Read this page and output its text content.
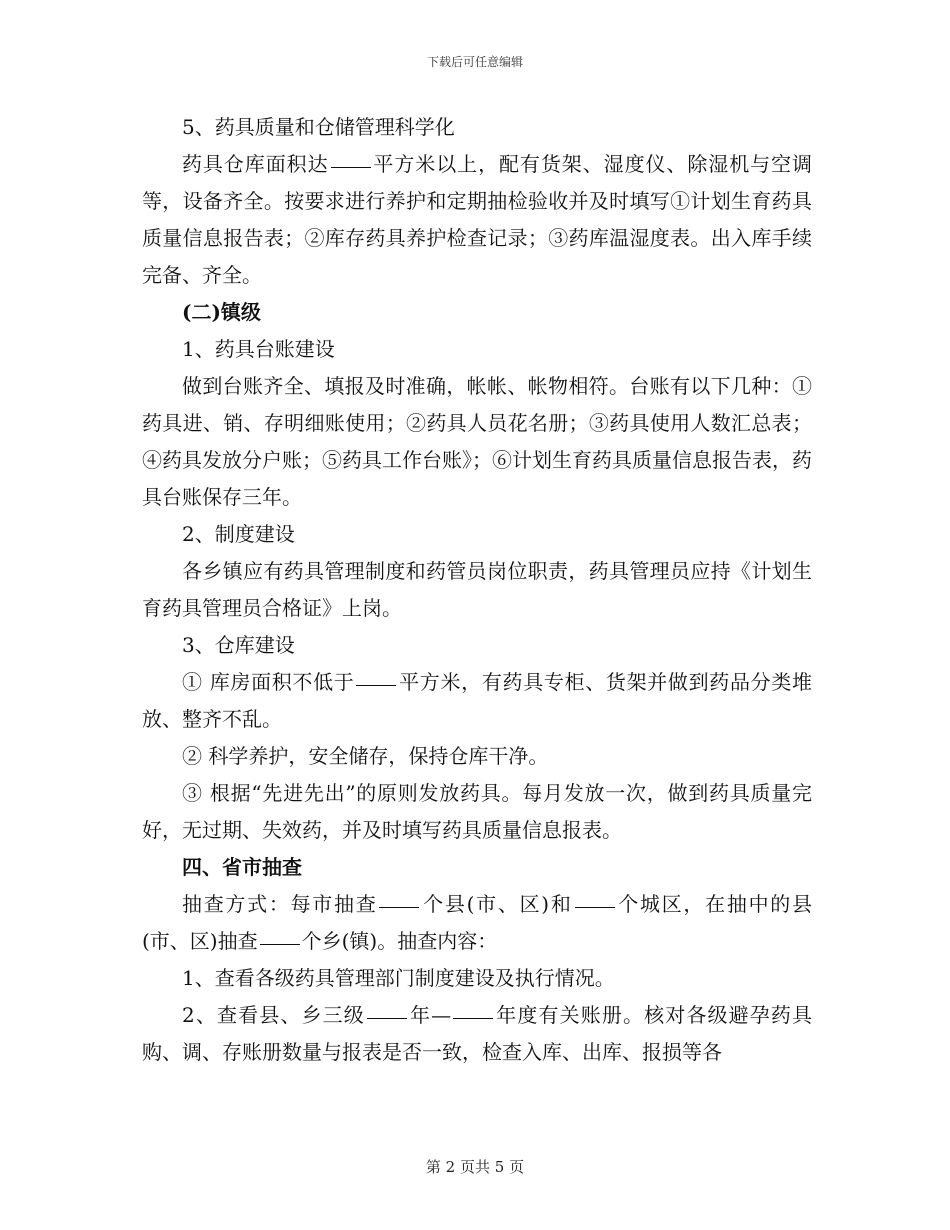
下载后可任意编辑

5、药具质量和仓储管理科学化

药具仓库面积达 平方米以上，配有货架、湿度仪、除湿机与空调等，设备齐全。按要求进行养护和定期抽检验收并及时填写①计划生育药具质量信息报告表；②库存药具养护检查记录；③药库温湿度表。出入库手续完备、齐全。

(二)镇级

1、药具台账建设

做到台账齐全、填报及时准确，帐帐、帐物相符。台账有以下几种：①药具进、销、存明细账使用；②药具人员花名册；③药具使用人数汇总表；④药具发放分户账；⑤药具工作台账》；⑥计划生育药具质量信息报告表，药具台账保存三年。

2、制度建设

各乡镇应有药具管理制度和药管员岗位职责，药具管理员应持《计划生育药具管理员合格证》上岗。

3、仓库建设

① 库房面积不低于 平方米，有药具专柜、货架并做到药品分类堆放、整齐不乱。

② 科学养护，安全储存，保持仓库干净。

③ 根据“先进先出”的原则发放药具。每月发放一次，做到药具质量完好，无过期、失效药，并及时填写药具质量信息报表。

四、省市抽查

抽查方式：每市抽查 个县(市、区)和 个城区，在抽中的县(市、区)抽查 个乡(镇)。抽查内容：

1、查看各级药具管理部门制度建设及执行情况。

2、查看县、乡三级 年— 年度有关账册。核对各级避孕药具购、调、存账册数量与报表是否一致，检查入库、出库、报损等各

第 2 页共 5 页
